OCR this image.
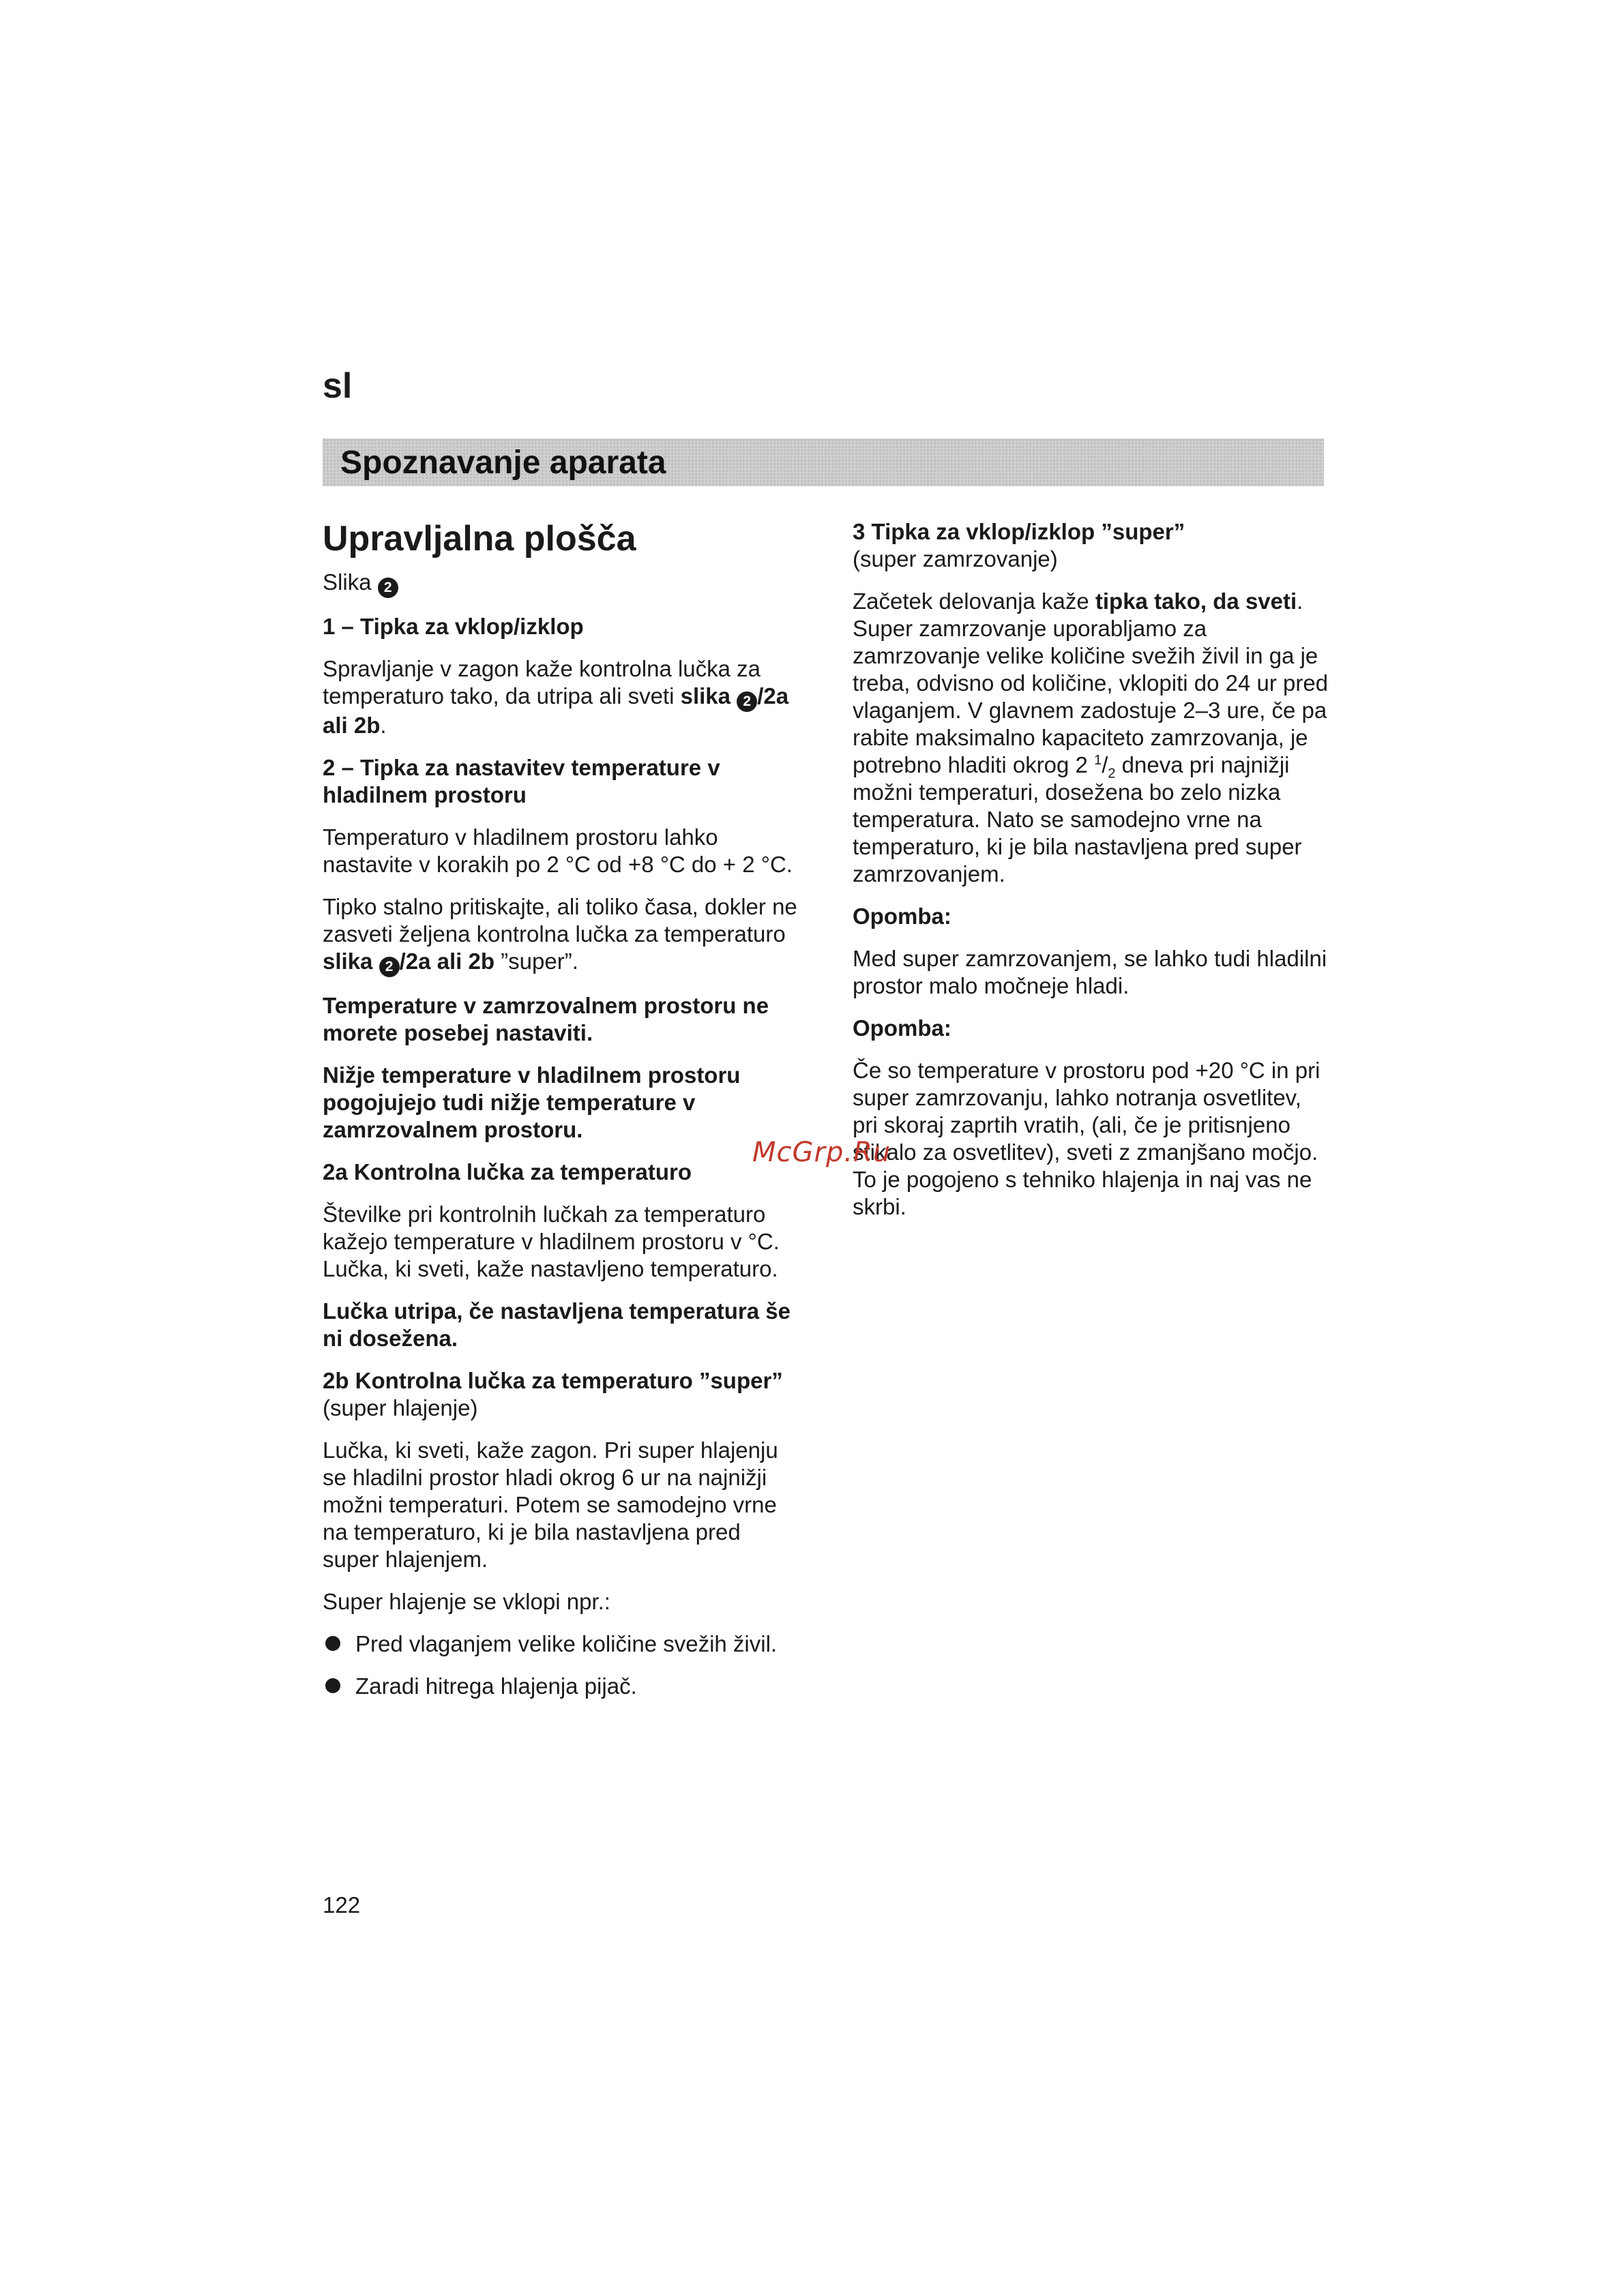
sl
Spoznavanje aparata
Upravljalna plošča

Slika 2

1 – Tipka za vklop/izklop

Spravljanje v zagon kaže kontrolna lučka za temperaturo tako, da utripa ali sveti slika 2 /2a ali 2b.

2 – Tipka za nastavitev temperature v hladilnem prostoru

Temperaturo v hladilnem prostoru lahko nastavite v korakih po 2 °C od +8 °C do + 2 °C.

Tipko stalno pritiskajte, ali toliko časa, dokler ne zasveti željena kontrolna lučka za temperaturo slika 2 /2a ali 2b ”super”.

Temperature v zamrzovalnem prostoru ne morete posebej nastaviti.

Nižje temperature v hladilnem prostoru pogojujejo tudi nižje temperature v zamrzovalnem prostoru.

2a Kontrolna lučka za temperaturo

Številke pri kontrolnih lučkah za temperaturo kažejo temperature v hladilnem prostoru v °C. Lučka, ki sveti, kaže nastavljeno temperaturo.

Lučka utripa, če nastavljena temperatura še ni dosežena.

2b Kontrolna lučka za temperaturo ”super” (super hlajenje)

Lučka, ki sveti, kaže zagon. Pri super hlajenju se hladilni prostor hladi okrog 6 ur na najnižji možni temperaturi. Potem se samodejno vrne na temperaturo, ki je bila nastavljena pred super hlajenjem.

Super hlajenje se vklopi npr.:

Pred vlaganjem velike količine svežih živil.
Zaradi hitrega hlajenja pijač.

3 Tipka za vklop/izklop ”super”
(super zamrzovanje)

Začetek delovanja kaže tipka tako, da sveti. Super zamrzovanje uporabljamo za zamrzovanje velike količine svežih živil in ga je treba, odvisno od količine, vklopiti do 24 ur pred vlaganjem. V glavnem zadostuje 2–3 ure, če pa rabite maksimalno kapaciteto zamrzovanja, je potrebno hladiti okrog 2 $^1/_2$ dneva pri najnižji možni temperaturi, dosežena bo zelo nizka temperatura. Nato se samodejno vrne na temperaturo, ki je bila nastavljena pred super zamrzovanjem.

Opomba:

Med super zamrzovanjem, se lahko tudi hladilni prostor malo močneje hladi.

Opomba:

Če so temperature v prostoru pod +20 °C in pri super zamrzovanju, lahko notranja osvetlitev, pri skoraj zaprtih vratih, (ali, če je pritisnjeno stikalo za osvetlitev), sveti z zmanjšano močjo. To je pogojeno s tehniko hlajenja in naj vas ne skrbi.

McGrp.Ru
122
